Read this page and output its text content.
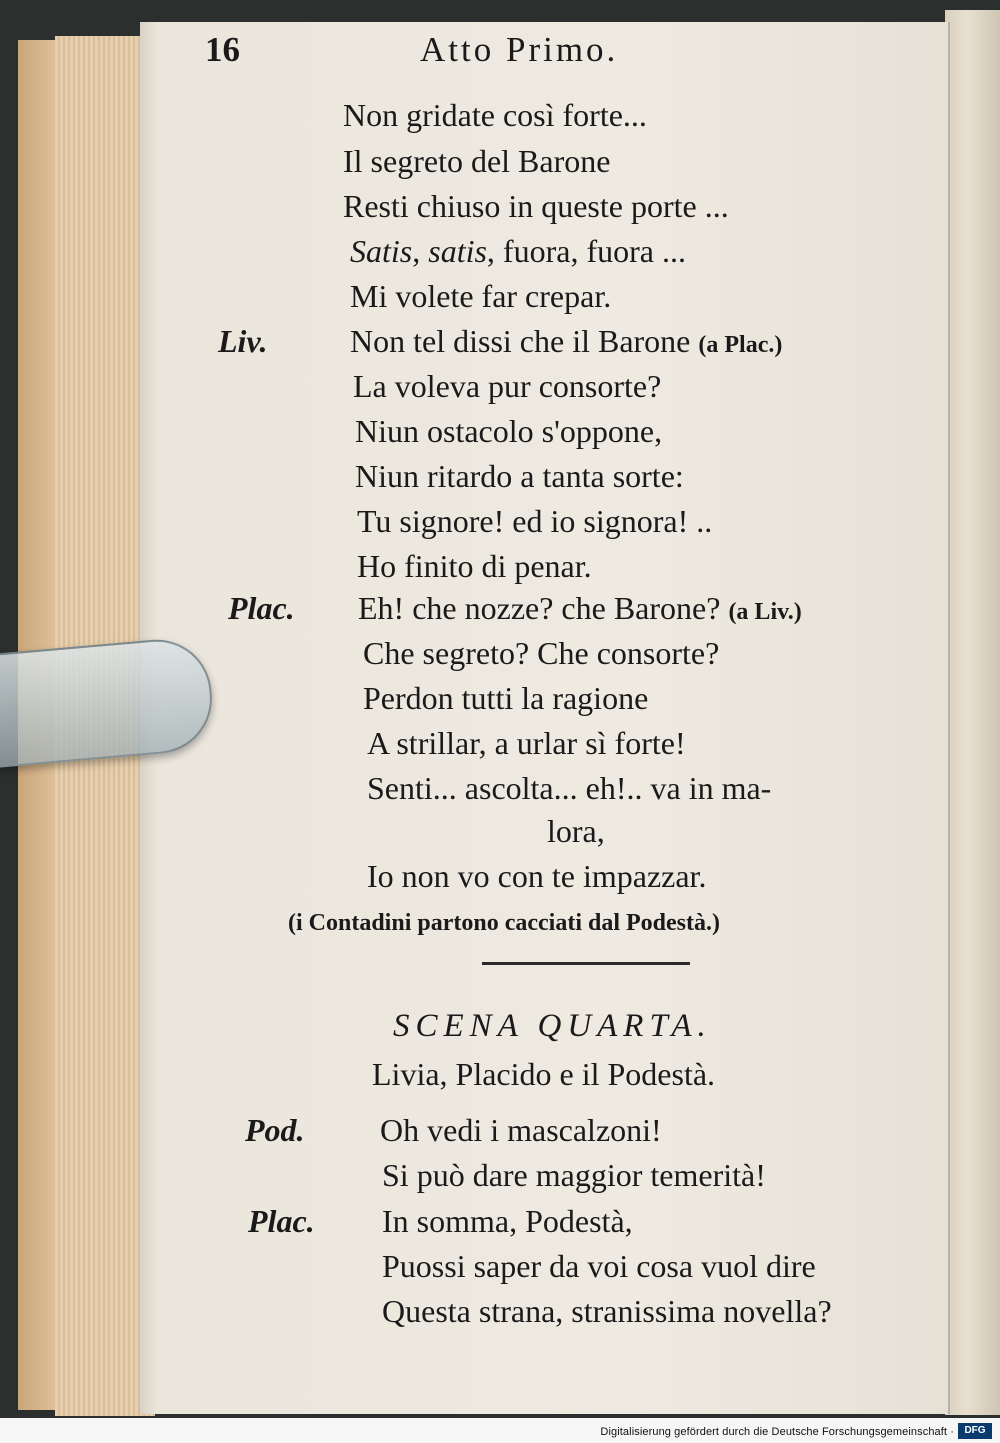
16	Atto Primo.
Non gridate così forte...
Il segreto del Barone
Resti chiuso in queste porte ...
Satis, satis, fuora, fuora ...
Mi volete far crepar.
Liv.	Non tel dissi che il Barone (a Plac.)
La voleva pur consorte?
Niun ostacolo s'oppone,
Niun ritardo a tanta sorte:
Tu signore! ed io signora! ..
Ho finito di penar.
Plac. Eh! che nozze? che Barone? (a Liv.)
Che segreto? Che consorte?
Perdon tutti la ragione
A strillar, a urlar sì forte!
Senti... ascolta... eh!.. va in ma-
lora,
Io non vo con te impazzar.
(i Contadini partono cacciati dal Podestà.)
SCENA QUARTA.
Livia, Placido e il Podestà.
Pod. Oh vedi i mascalzoni!
Si può dare maggior temerità!
Plac. In somma, Podestà,
Puossi saper da voi cosa vuol dire
Questa strana, stranissima novella?
Digitalisierung gefördert durch die Deutsche Forschungsgemeinschaft ·	DFG
